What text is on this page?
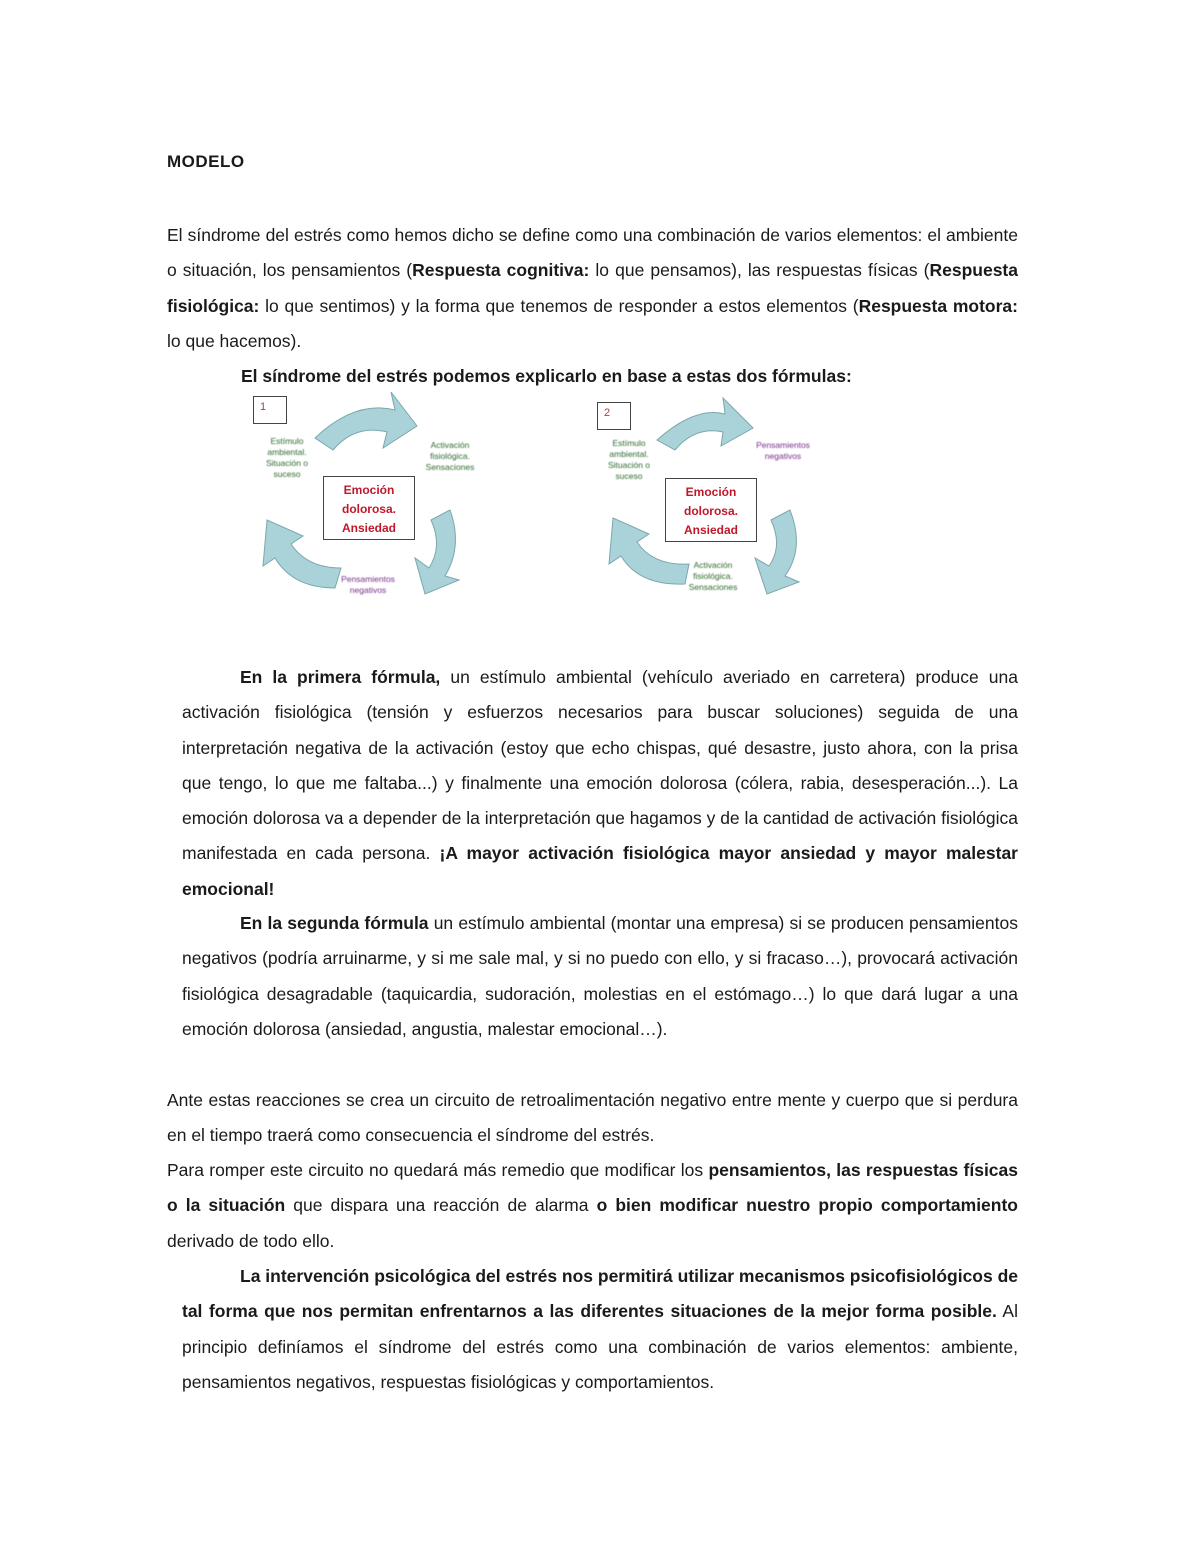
MODELO

El síndrome del estrés como hemos dicho se define como una combinación de varios elementos: el ambiente o situación, los pensamientos (Respuesta cognitiva: lo que pensamos), las respuestas físicas (Respuesta fisiológica: lo que sentimos) y la forma que tenemos de responder a estos elementos (Respuesta motora: lo que hacemos).

El síndrome del estrés podemos explicarlo en base a estas dos fórmulas:
1
Estímulo ambiental. Situación o suceso
Activación fisiológica. Sensaciones
Emoción dolorosa. Ansiedad
Pensamientos negativos
2
Estímulo ambiental. Situación o suceso
Pensamientos negativos
Emoción dolorosa. Ansiedad
Activación fisiológica. Sensaciones

En la primera fórmula, un estímulo ambiental (vehículo averiado en carretera) produce una activación fisiológica (tensión y esfuerzos necesarios para buscar soluciones) seguida de una interpretación negativa de la activación (estoy que echo chispas, qué desastre, justo ahora, con la prisa que tengo, lo que me faltaba...) y finalmente una emoción dolorosa (cólera, rabia, desesperación...). La emoción dolorosa va a depender de la interpretación que hagamos y de la cantidad de activación fisiológica manifestada en cada persona. ¡A mayor activación fisiológica mayor ansiedad y mayor malestar emocional!

En la segunda fórmula un estímulo ambiental (montar una empresa) si se producen pensamientos negativos (podría arruinarme, y si me sale mal, y si no puedo con ello, y si fracaso…), provocará activación fisiológica desagradable (taquicardia, sudoración, molestias en el estómago…) lo que dará lugar a una emoción dolorosa (ansiedad, angustia, malestar emocional…).

Ante estas reacciones se crea un circuito de retroalimentación negativo entre mente y cuerpo que si perdura en el tiempo traerá como consecuencia el síndrome del estrés.

Para romper este circuito no quedará más remedio que modificar los pensamientos, las respuestas físicas o la situación que dispara una reacción de alarma o bien modificar nuestro propio comportamiento derivado de todo ello.

La intervención psicológica del estrés nos permitirá utilizar mecanismos psicofisiológicos de tal forma que nos permitan enfrentarnos a las diferentes situaciones de la mejor forma posible. Al principio definíamos el síndrome del estrés como una combinación de varios elementos: ambiente, pensamientos negativos, respuestas fisiológicas y comportamientos.
